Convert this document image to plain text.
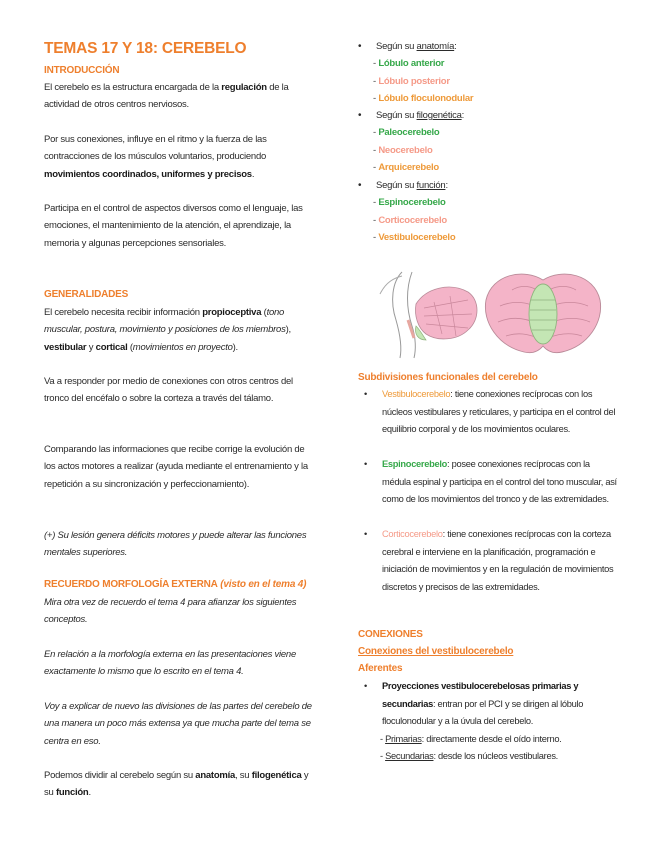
TEMAS 17 Y 18: CEREBELO
INTRODUCCIÓN
El cerebelo es la estructura encargada de la regulación de la actividad de otros centros nerviosos.
Por sus conexiones, influye en el ritmo y la fuerza de las contracciones de los músculos voluntarios, produciendo movimientos coordinados, uniformes y precisos.
Participa en el control de aspectos diversos como el lenguaje, las emociones, el mantenimiento de la atención, el aprendizaje, la memoria y algunas percepciones sensoriales.
GENERALIDADES
El cerebelo necesita recibir información propioceptiva (tono muscular, postura, movimiento y posiciones de los miembros), vestibular y cortical (movimientos en proyecto).
Va a responder por medio de conexiones con otros centros del tronco del encéfalo o sobre la corteza a través del tálamo.
Comparando las informaciones que recibe corrige la evolución de los actos motores a realizar (ayuda mediante el entrenamiento y la repetición a su sincronización y perfeccionamiento).
(+) Su lesión genera déficits motores y puede alterar las funciones mentales superiores.
RECUERDO MORFOLOGÍA EXTERNA (visto en el tema 4)
Mira otra vez de recuerdo el tema 4 para afianzar los siguientes conceptos.
En relación a la morfología externa en las presentaciones viene exactamente lo mismo que lo escrito en el tema 4.
Voy a explicar de nuevo las divisiones de las partes del cerebelo de una manera un poco más extensa ya que mucha parte del tema se centra en eso.
Podemos dividir al cerebelo según su anatomía, su filogenética y su función.
• Según su anatomía:
- Lóbulo anterior
- Lóbulo posterior
- Lóbulo floculonodular
• Según su filogenética:
- Paleocerebelo
- Neocerebelo
- Arquicerebelo
• Según su función:
- Espinocerebelo
- Corticocerebelo
- Vestibulocerebelo
Subdivisiones funcionales del cerebelo
• Vestibulocerebelo: tiene conexiones recíprocas con los núcleos vestibulares y reticulares, y participa en el control del equilibrio corporal y de los movimientos oculares.
• Espinocerebelo: posee conexiones recíprocas con la médula espinal y participa en el control del tono muscular, así como de los movimientos del tronco y de las extremidades.
• Corticocerebelo: tiene conexiones recíprocas con la corteza cerebral e interviene en la planificación, programación e iniciación de movimientos y en la regulación de movimientos discretos y precisos de las extremidades.
CONEXIONES
Conexiones del vestibulocerebelo
Aferentes
• Proyecciones vestibulocerebelosas primarias y secundarias: entran por el PCI y se dirigen al lóbulo floculonodular y a la úvula del cerebelo.
- Primarias: directamente desde el oído interno.
- Secundarias: desde los núcleos vestibulares.
